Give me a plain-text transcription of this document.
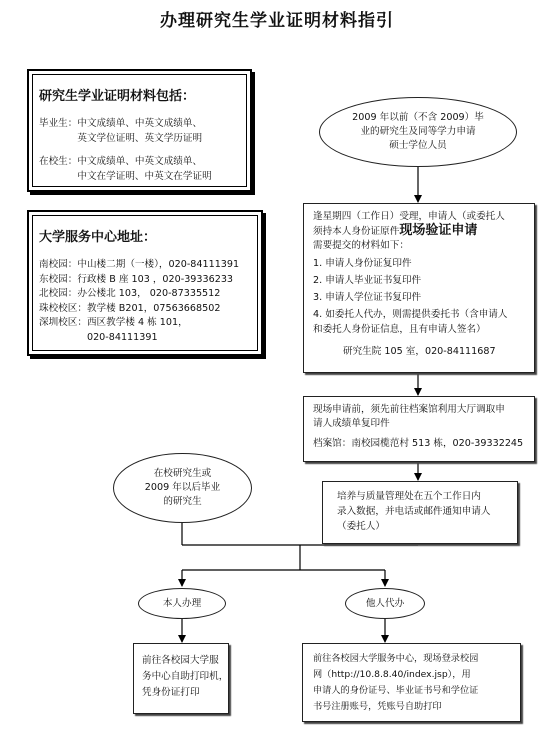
办理研究生学业证明材料指引
研究生学业证明材料包括：
毕业生： 中文成绩单、中英文成绩单、
英文学位证明、英文学历证明
在校生： 中文成绩单、中英文成绩单、
中文在学证明、中英文在学证明
大学服务中心地址：
南校园： 中山楼二期（一楼），020-84111391
东校园： 行政楼 B 座 103 ，020-39336233
北校园： 办公楼北 103， 020-87335512
珠校校区： 教学楼 B201，07563668502
深圳校区： 西区教学楼 4 栋 101，
020-84111391
2009 年以前（不含 2009）毕
业的研究生及同等学力申请
硕士学位人员
逢星期四（工作日）受理，申请人（或委托人
须持本人身份证原件现场验证申请
需要提交的材料如下：
1. 申请人身份证复印件
2. 申请人毕业证书复印件
3. 申请人学位证书复印件
4. 如委托人代办，则需提供委托书（含申请人
和委托人身份证信息，且有申请人签名）
研究生院 105 室，020-84111687
现场申请前，须先前往档案馆利用大厅调取申
请人成绩单复印件
档案馆：南校园榄范村 513 栋，020-39332245
培养与质量管理处在五个工作日内
录入数据，并电话或邮件通知申请人
（委托人）
在校研究生或
2009 年以后毕业
的研究生
本人办理	他人代办
前往各校园大学服
务中心自助打印机，
凭身份证打印
前往各校园大学服务中心，现场登录校园
网（http://10.8.8.40/index.jsp），用
申请人的身份证号、毕业证书号和学位证
书号注册账号，凭账号自助打印
